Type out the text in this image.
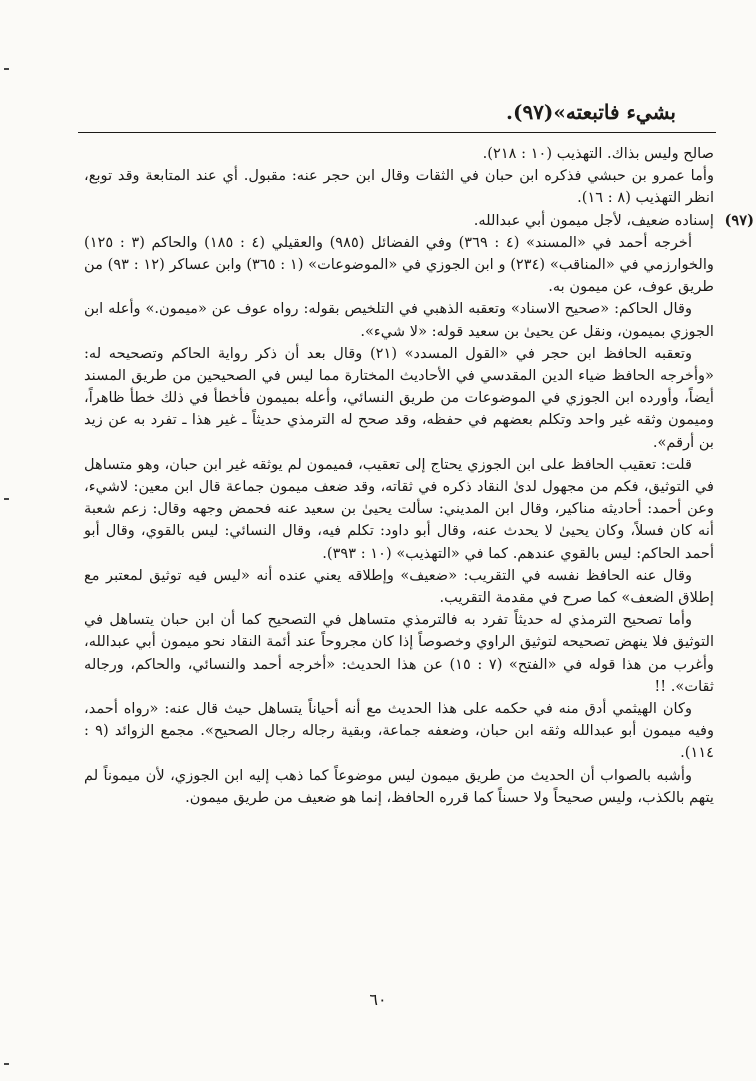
بشيء فاتبعته»(٩٧).

صالح وليس بذاك. التهذيب (١٠ : ٢١٨).

وأما عمرو بن حبشي فذكره ابن حبان في الثقات وقال ابن حجر عنه: مقبول. أي عند المتابعة وقد توبع، انظر التهذيب (٨ : ١٦).

(٩٧)

إسناده ضعيف، لأجل ميمون أبي عبدالله.

أخرجه أحمد في «المسند» (٤ : ٣٦٩) وفي الفضائل (٩٨٥) والعقيلي (٤ : ١٨٥) والحاكم (٣ : ١٢٥) والخوارزمي في «المناقب» (٢٣٤) و ابن الجوزي في «الموضوعات» (١ : ٣٦٥) وابن عساكر (١٢ : ٩٣) من طريق عوف، عن ميمون به.

وقال الحاكم: «صحيح الاسناد» وتعقبه الذهبي في التلخيص بقوله: رواه عوف عن «ميمون.» وأعله ابن الجوزي بميمون، ونقل عن يحيىٰ بن سعيد قوله: «لا شيء».

وتعقبه الحافظ ابن حجر في «القول المسدد» (٢١) وقال بعد أن ذكر رواية الحاكم وتصحيحه له: «وأخرجه الحافظ ضياء الدين المقدسي في الأحاديث المختارة مما ليس في الصحيحين من طريق المسند أيضاً، وأورده ابن الجوزي في الموضوعات من طريق النسائي، وأعله بميمون فأخطأ في ذلك خطأ ظاهراً، وميمون وثقه غير واحد وتكلم بعضهم في حفظه، وقد صحح له الترمذي حديثاً ـ غير هذا ـ تفرد به عن زيد بن أرقم».

قلت: تعقيب الحافظ على ابن الجوزي يحتاج إلى تعقيب، فميمون لم يوثقه غير ابن حبان، وهو متساهل في التوثيق، فكم من مجهول لدىٰ النقاد ذكره في ثقاته، وقد ضعف ميمون جماعة قال ابن معين: لاشيء، وعن أحمد: أحاديثه مناكير، وقال ابن المديني: سألت يحيىٰ بن سعيد عنه فحمض وجهه وقال: زعم شعبة أنه كان فسلاً، وكان يحيىٰ لا يحدث عنه، وقال أبو داود: تكلم فيه، وقال النسائي: ليس بالقوي، وقال أبو أحمد الحاكم: ليس بالقوي عندهم. كما في «التهذيب» (١٠ : ٣٩٣).

وقال عنه الحافظ نفسه في التقريب: «ضعيف» وإطلاقه يعني عنده أنه «ليس فيه توثيق لمعتبر مع إطلاق الضعف» كما صرح في مقدمة التقريب.

وأما تصحيح الترمذي له حديثاً تفرد به فالترمذي متساهل في التصحيح كما أن ابن حبان يتساهل في التوثيق فلا ينهض تصحيحه لتوثيق الراوي وخصوصاً إذا كان مجروحاً عند أئمة النقاد نحو ميمون أبي عبدالله، وأغرب من هذا قوله في «الفتح» (٧ : ١٥) عن هذا الحديث: «أخرجه أحمد والنسائي، والحاكم، ورجاله ثقات». !!

وكان الهيثمي أدق منه في حكمه على هذا الحديث مع أنه أحياناً يتساهل حيث قال عنه: «رواه أحمد، وفيه ميمون أبو عبدالله وثقه ابن حبان، وضعفه جماعة، وبقية رجاله رجال الصحيح». مجمع الزوائد (٩ : ١١٤).

وأشبه بالصواب أن الحديث من طريق ميمون ليس موضوعاً كما ذهب إليه ابن الجوزي، لأن ميموناً لم يتهم بالكذب، وليس صحيحاً ولا حسناً كما قرره الحافظ، إنما هو ضعيف من طريق ميمون.

٦٠
